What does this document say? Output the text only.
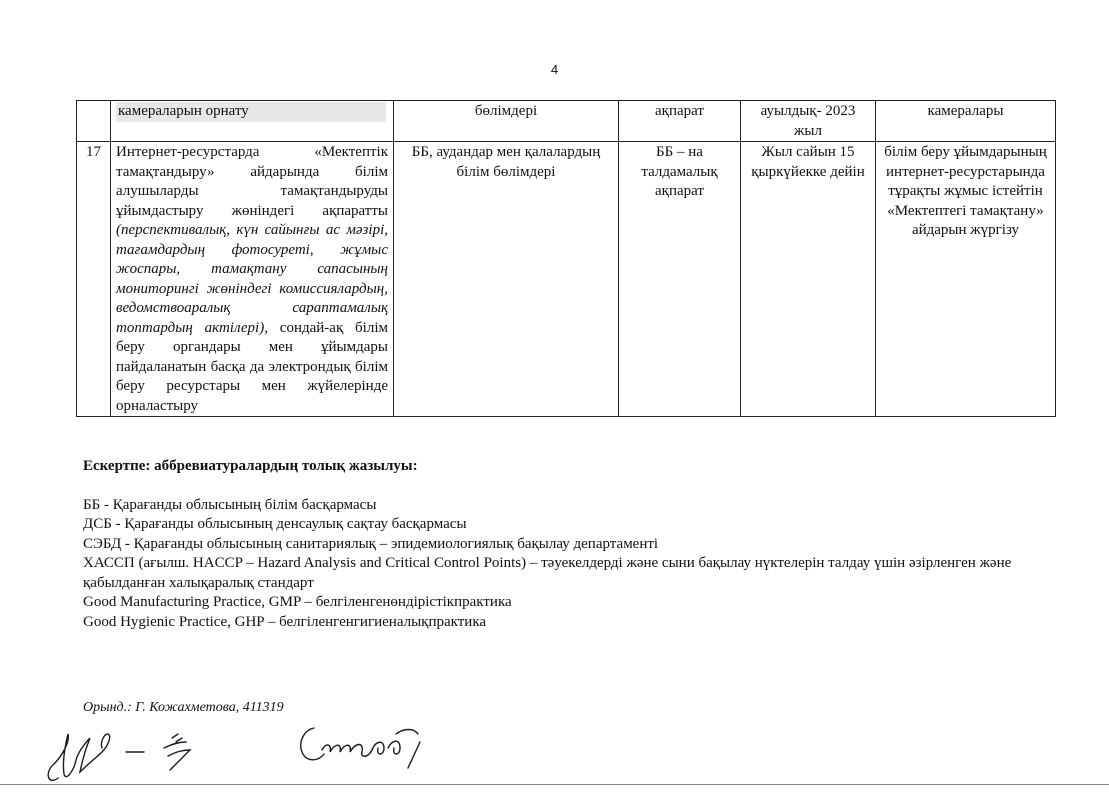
4
	камераларын орнату	бөлімдері	ақпарат	ауылдық- 2023 жыл	камералары
17	Интернет-ресурстарда «Мектептік тамақтандыру» айдарында білім алушыларды тамақтандыруды ұйымдастыру жөніндегі ақпаратты (перспективалық, күн сайынғы ас мәзірі, тағамдардың фотосуреті, жұмыс жоспары, тамақтану сапасының мониторингі жөніндегі комиссиялардың, ведомствоаралық сараптамалық топтардың актілері), сондай-ақ білім беру органдары мен ұйымдары пайдаланатын басқа да электрондық білім беру ресурстары мен жүйелерінде орналастыру	ББ, аудандар мен қалалардың білім бөлімдері	ББ – на талдамалық ақпарат	Жыл сайын 15 қыркүйекке дейін	білім беру ұйымдарының интернет-ресурстарында тұрақты жұмыс істейтін «Мектептегі тамақтану» айдарын жүргізу

Ескертпе: аббревиатуралардың толық жазылуы:

ББ - Қарағанды облысының білім басқармасы

ДСБ - Қарағанды облысының денсаулық сақтау басқармасы

СЭБД - Қарағанды облысының санитариялық – эпидемиологиялық бақылау департаменті

ХАССП (ағылш. HACCP – Hazard Analysis and Critical Control Points) – тәуекелдерді және сыни бақылау нүктелерін талдау үшін әзірленген және қабылданған халықаралық стандарт

Good Manufacturing Practice, GMP – белгіленгенөндірістікпрактика

Good Hygienic Practice, GHP – белгіленгенгигиеналықпрактика

Орынд.: Г. Кожахметова, 411319
